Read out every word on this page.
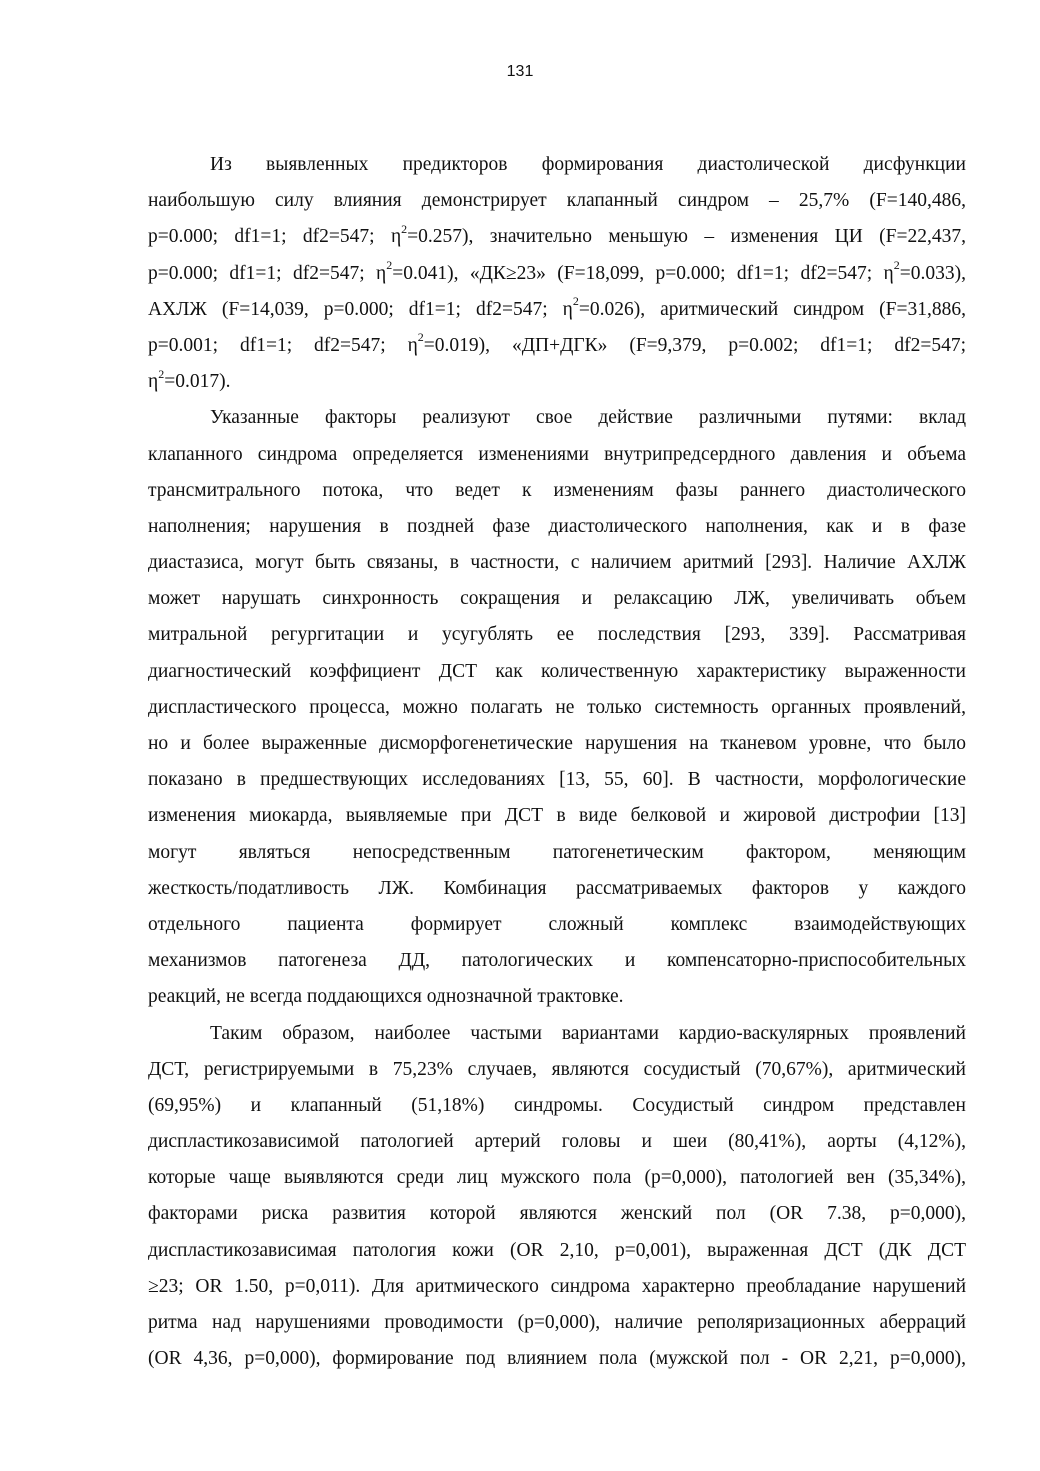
131
Из выявленных предикторов формирования диастолической дисфункции
наибольшую силу влияния демонстрирует клапанный синдром – 25,7% (F=140,486,
p=0.000; df1=1; df2=547; $\eta^2=0.257$), значительно меньшую – изменения ЦИ (F=22,437,
p=0.000; df1=1; df2=547; $\eta^2=0.041$), «ДК≥23» (F=18,099, p=0.000; df1=1; df2=547; $\eta^2=0.033$),
АХЛЖ (F=14,039, p=0.000; df1=1; df2=547; $\eta^2=0.026$), аритмический синдром (F=31,886,
p=0.001; df1=1; df2=547; $\eta^2=0.019$), «ДП+ДГК» (F=9,379, p=0.002; df1=1; df2=547;
$\eta^2=0.017$).
Указанные факторы реализуют свое действие различными путями: вклад
клапанного синдрома определяется изменениями внутрипредсердного давления и объема
трансмитрального потока, что ведет к изменениям фазы раннего диастолического
наполнения; нарушения в поздней фазе диастолического наполнения, как и в фазе
диастазиса, могут быть связаны, в частности, с наличием аритмий [293]. Наличие АХЛЖ
может нарушать синхронность сокращения и релаксацию ЛЖ, увеличивать объем
митральной регургитации и усугублять ее последствия [293, 339]. Рассматривая
диагностический коэффициент ДСТ как количественную характеристику выраженности
диспластического процесса, можно полагать не только системность органных проявлений,
но и более выраженные дисморфогенетические нарушения на тканевом уровне, что было
показано в предшествующих исследованиях [13, 55, 60]. В частности, морфологические
изменения миокарда, выявляемые при ДСТ в виде белковой и жировой дистрофии [13]
могут являться непосредственным патогенетическим фактором, меняющим
жесткость/податливость ЛЖ. Комбинация рассматриваемых факторов у каждого
отдельного пациента формирует сложный комплекс взаимодействующих
механизмов патогенеза ДД, патологических и компенсаторно-приспособительных
реакций, не всегда поддающихся однозначной трактовке.
Таким образом, наиболее частыми вариантами кардио-васкулярных проявлений
ДСТ, регистрируемыми в 75,23% случаев, являются сосудистый (70,67%), аритмический
(69,95%) и клапанный (51,18%) синдромы. Сосудистый синдром представлен
диспластикозависимой патологией артерий головы и шеи (80,41%), аорты (4,12%),
которые чаще выявляются среди лиц мужского пола (p=0,000), патологией вен (35,34%),
факторами риска развития которой являются женский пол (OR 7.38, p=0,000),
диспластикозависимая патология кожи (OR 2,10, p=0,001), выраженная ДСТ (ДК ДСТ
≥23; OR 1.50, p=0,011). Для аритмического синдрома характерно преобладание нарушений
ритма над нарушениями проводимости (p=0,000), наличие реполяризационных аберраций
(OR 4,36, p=0,000), формирование под влиянием пола (мужской пол - OR 2,21, p=0,000),
